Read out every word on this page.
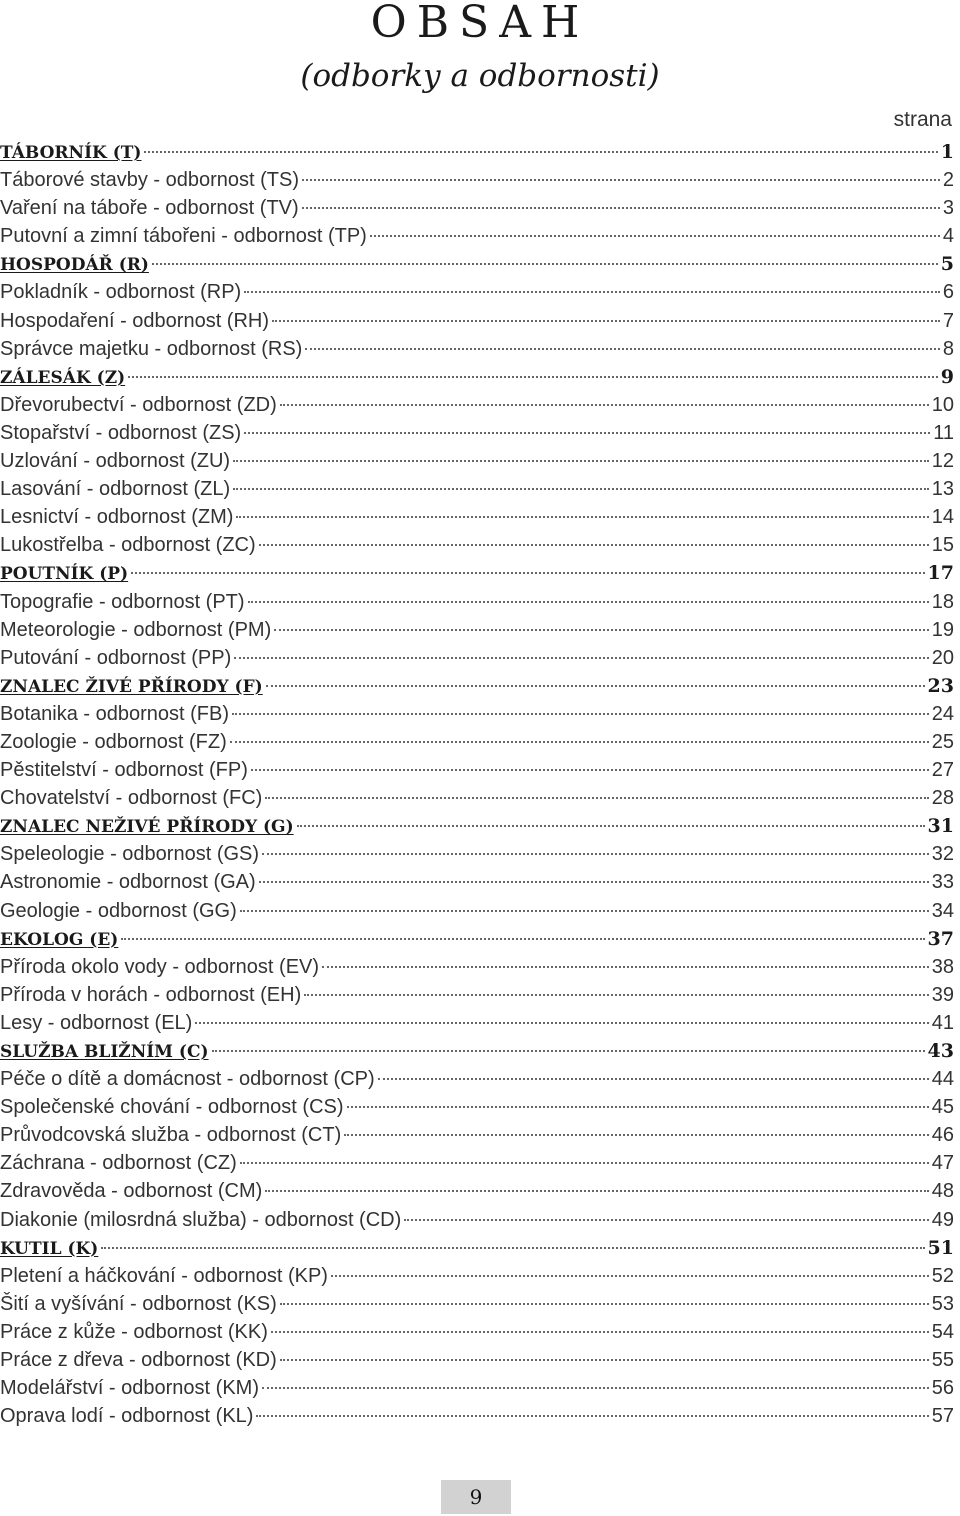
OBSAH
(odborky a odbornosti)
strana
TÁBORNÍK (T)	1
Táborové stavby - odbornost (TS)	2
Vaření na táboře - odbornost (TV)	3
Putovní a zimní tábořeni - odbornost (TP)	4
HOSPODÁŘ (R)	5
Pokladník - odbornost (RP)	6
Hospodaření - odbornost (RH)	7
Správce majetku - odbornost (RS)	8
ZÁLESÁK (Z)	9
Dřevorubectví - odbornost (ZD)	10
Stopařství - odbornost (ZS)	11
Uzlování - odbornost (ZU)	12
Lasování - odbornost (ZL)	13
Lesnictví - odbornost (ZM)	14
Lukostřelba - odbornost (ZC)	15
POUTNÍK (P)	17
Topografie - odbornost (PT)	18
Meteorologie - odbornost (PM)	19
Putování - odbornost (PP)	20
ZNALEC ŽIVÉ PŘÍRODY (F)	23
Botanika - odbornost (FB)	24
Zoologie - odbornost (FZ)	25
Pěstitelství - odbornost (FP)	27
Chovatelství - odbornost (FC)	28
ZNALEC NEŽIVÉ PŘÍRODY (G)	31
Speleologie - odbornost (GS)	32
Astronomie - odbornost (GA)	33
Geologie - odbornost (GG)	34
EKOLOG (E)	37
Příroda okolo vody - odbornost (EV)	38
Příroda v horách - odbornost (EH)	39
Lesy - odbornost (EL)	41
SLUŽBA BLIŽNÍM (C)	43
Péče o dítě a domácnost - odbornost (CP)	44
Společenské chování - odbornost (CS)	45
Průvodcovská služba - odbornost (CT)	46
Záchrana - odbornost (CZ)	47
Zdravověda - odbornost (CM)	48
Diakonie (milosrdná služba) - odbornost (CD)	49
KUTIL (K)	51
Pletení a háčkování - odbornost (KP)	52
Šití a vyšívání - odbornost (KS)	53
Práce z kůže - odbornost (KK)	54
Práce z dřeva - odbornost (KD)	55
Modelářství - odbornost (KM)	56
Oprava lodí - odbornost (KL)	57
9
